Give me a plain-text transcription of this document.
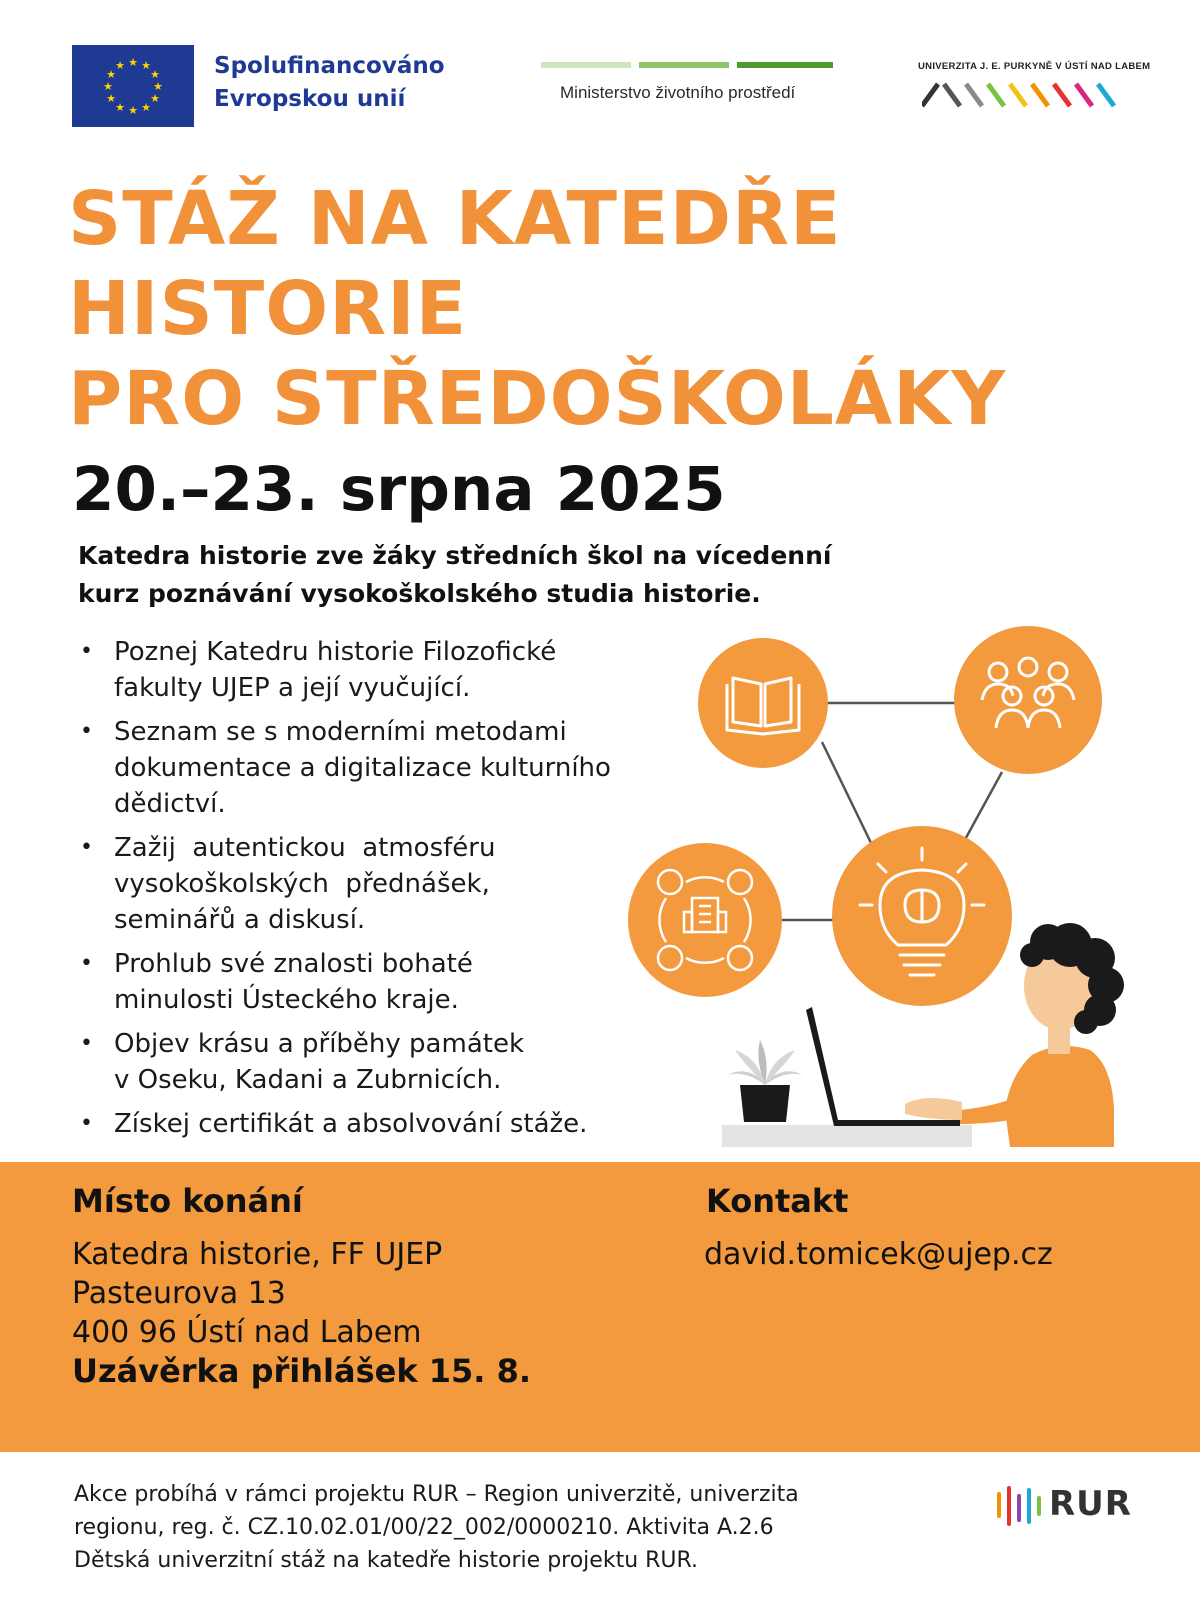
★ ★
★
★
★
★
★
★
★
★
★
★	Spolufinancováno
Evropskou unií	Ministerstvo životního prostředí
UNIVERZITA J. E. PURKYNĚ V ÚSTÍ NAD LABEM
STÁŽ NA KATEDŘE
HISTORIE
PRO STŘEDOŠKOLÁKY
20.–23. srpna 2025
Katedra historie zve žáky středních škol na vícedenní
kurz poznávání vysokoškolského studia historie.
• Poznej Katedru historie Filozofické
fakulty UJEP a její vyučující.
• Seznam se s moderními metodami
dokumentace a digitalizace kulturního
dědictví.
• Zažij  autentickou  atmosféru
vysokoškolských  přednášek,
seminářů a diskusí.
• Prohlub své znalosti bohaté
minulosti Ústeckého kraje.
• Objev krásu a příběhy památek
v Oseku, Kadani a Zubrnicích.
• Získej certifikát a absolvování stáže.
Místo konání
Katedra historie, FF UJEP
Pasteurova 13
400 96 Ústí nad Labem
Uzávěrka přihlášek 15. 8.
Kontakt
david.tomicek@ujep.cz
Akce probíhá v rámci projektu RUR – Region univerzitě, univerzita
regionu, reg. č. CZ.10.02.01/00/22_002/0000210. Aktivita A.2.6
Dětská univerzitní stáž na katedře historie projektu RUR.
RUR
